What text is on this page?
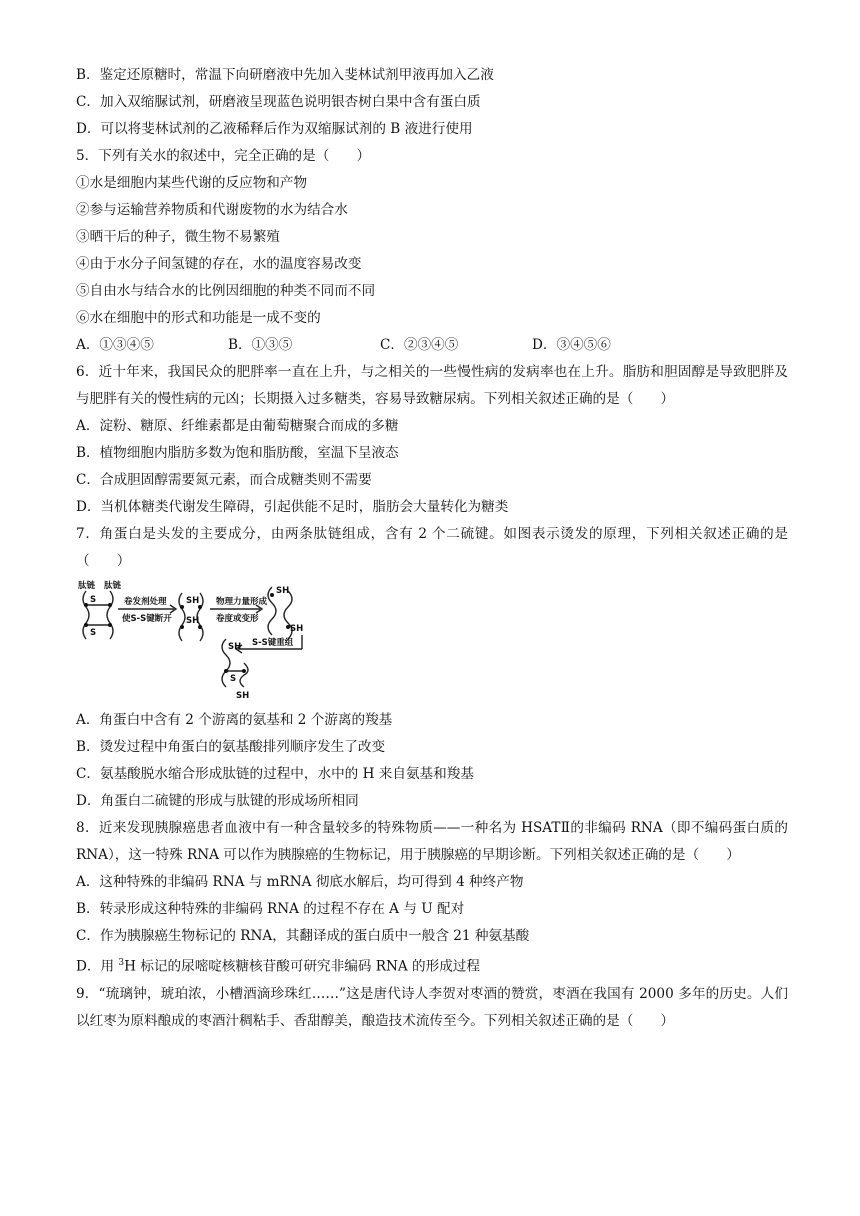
B．鉴定还原糖时，常温下向研磨液中先加入斐林试剂甲液再加入乙液
C．加入双缩脲试剂，研磨液呈现蓝色说明银杏树白果中含有蛋白质
D．可以将斐林试剂的乙液稀释后作为双缩脲试剂的 B 液进行使用
5．下列有关水的叙述中，完全正确的是（　　）
①水是细胞内某些代谢的反应物和产物
②参与运输营养物质和代谢废物的水为结合水
③晒干后的种子，微生物不易繁殖
④由于水分子间氢键的存在，水的温度容易改变
⑤自由水与结合水的比例因细胞的种类不同而不同
⑥水在细胞中的形式和功能是一成不变的
A．①③④⑤	B．①③⑤	C．②③④⑤	D．③④⑤⑥
6．近十年来，我国民众的肥胖率一直在上升，与之相关的一些慢性病的发病率也在上升。脂肪和胆固醇是导致肥胖及与肥胖有关的慢性病的元凶；长期摄入过多糖类，容易导致糖尿病。下列相关叙述正确的是（　　）
A．淀粉、糖原、纤维素都是由葡萄糖聚合而成的多糖
B．植物细胞内脂肪多数为饱和脂肪酸，室温下呈液态
C．合成胆固醇需要氮元素，而合成糖类则不需要
D．当机体糖类代谢发生障碍，引起供能不足时，脂肪会大量转化为糖类
7．角蛋白是头发的主要成分，由两条肽链组成，含有 2 个二硫键。如图表示烫发的原理，下列相关叙述正确的是（　　）
肽链 肽链
S
S
卷发剂处理
使S-S键断开
SH
SH
物理力量形成
卷度或变形
SH
SH
S-S键重组
SH
S
SH
A．角蛋白中含有 2 个游离的氨基和 2 个游离的羧基
B．烫发过程中角蛋白的氨基酸排列顺序发生了改变
C．氨基酸脱水缩合形成肽链的过程中，水中的 H 来自氨基和羧基
D．角蛋白二硫键的形成与肽键的形成场所相同
8．近来发现胰腺癌患者血液中有一种含量较多的特殊物质——一种名为 HSATⅡ的非编码 RNA（即不编码蛋白质的 RNA），这一特殊 RNA 可以作为胰腺癌的生物标记，用于胰腺癌的早期诊断。下列相关叙述正确的是（　　）
A．这种特殊的非编码 RNA 与 mRNA 彻底水解后，均可得到 4 种终产物
B．转录形成这种特殊的非编码 RNA 的过程不存在 A 与 U 配对
C．作为胰腺癌生物标记的 RNA，其翻译成的蛋白质中一般含 21 种氨基酸
D．用 $^3$H 标记的尿嘧啶核糖核苷酸可研究非编码 RNA 的形成过程
9．“琉璃钟，琥珀浓，小槽酒滴珍珠红……”这是唐代诗人李贺对枣酒的赞赏，枣酒在我国有 2000 多年的历史。人们以红枣为原料酿成的枣酒汁稠粘手、香甜醇美，酿造技术流传至今。下列相关叙述正确的是（　　）
